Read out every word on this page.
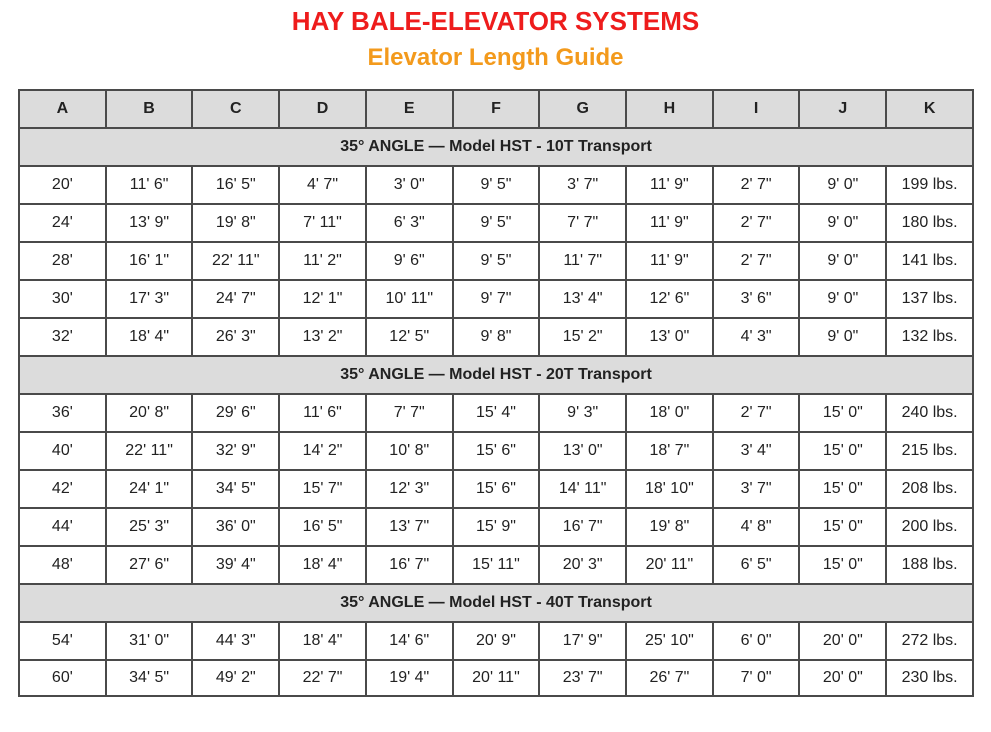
HAY BALE-ELEVATOR SYSTEMS
Elevator Length Guide
A	B	C	D	E	F	G	H	I	J	K
35° ANGLE — Model HST - 10T Transport										
20'	11' 6"	16' 5"	4' 7"	3' 0"	9' 5"	3' 7"	11' 9"	2' 7"	9' 0"	199 lbs.
24'	13' 9"	19' 8"	7' 11"	6' 3"	9' 5"	7' 7"	11' 9"	2' 7"	9' 0"	180 lbs.
28'	16' 1"	22' 11"	11' 2"	9' 6"	9' 5"	11' 7"	11' 9"	2' 7"	9' 0"	141 lbs.
30'	17' 3"	24' 7"	12' 1"	10' 11"	9' 7"	13' 4"	12' 6"	3' 6"	9' 0"	137 lbs.
32'	18' 4"	26' 3"	13' 2"	12' 5"	9' 8"	15' 2"	13' 0"	4' 3"	9' 0"	132 lbs.
35° ANGLE — Model HST - 20T Transport										
36'	20' 8"	29' 6"	11' 6"	7' 7"	15' 4"	9' 3"	18' 0"	2' 7"	15' 0"	240 lbs.
40'	22' 11"	32' 9"	14' 2"	10' 8"	15' 6"	13' 0"	18' 7"	3' 4"	15' 0"	215 lbs.
42'	24' 1"	34' 5"	15' 7"	12' 3"	15' 6"	14' 11"	18' 10"	3' 7"	15' 0"	208 lbs.
44'	25' 3"	36' 0"	16' 5"	13' 7"	15' 9"	16' 7"	19' 8"	4' 8"	15' 0"	200 lbs.
48'	27' 6"	39' 4"	18' 4"	16' 7"	15' 11"	20' 3"	20' 11"	6' 5"	15' 0"	188 lbs.
35° ANGLE — Model HST - 40T Transport										
54'	31' 0"	44' 3"	18' 4"	14' 6"	20' 9"	17' 9"	25' 10"	6' 0"	20' 0"	272 lbs.
60'	34' 5"	49' 2"	22' 7"	19' 4"	20' 11"	23' 7"	26' 7"	7' 0"	20' 0"	230 lbs.
